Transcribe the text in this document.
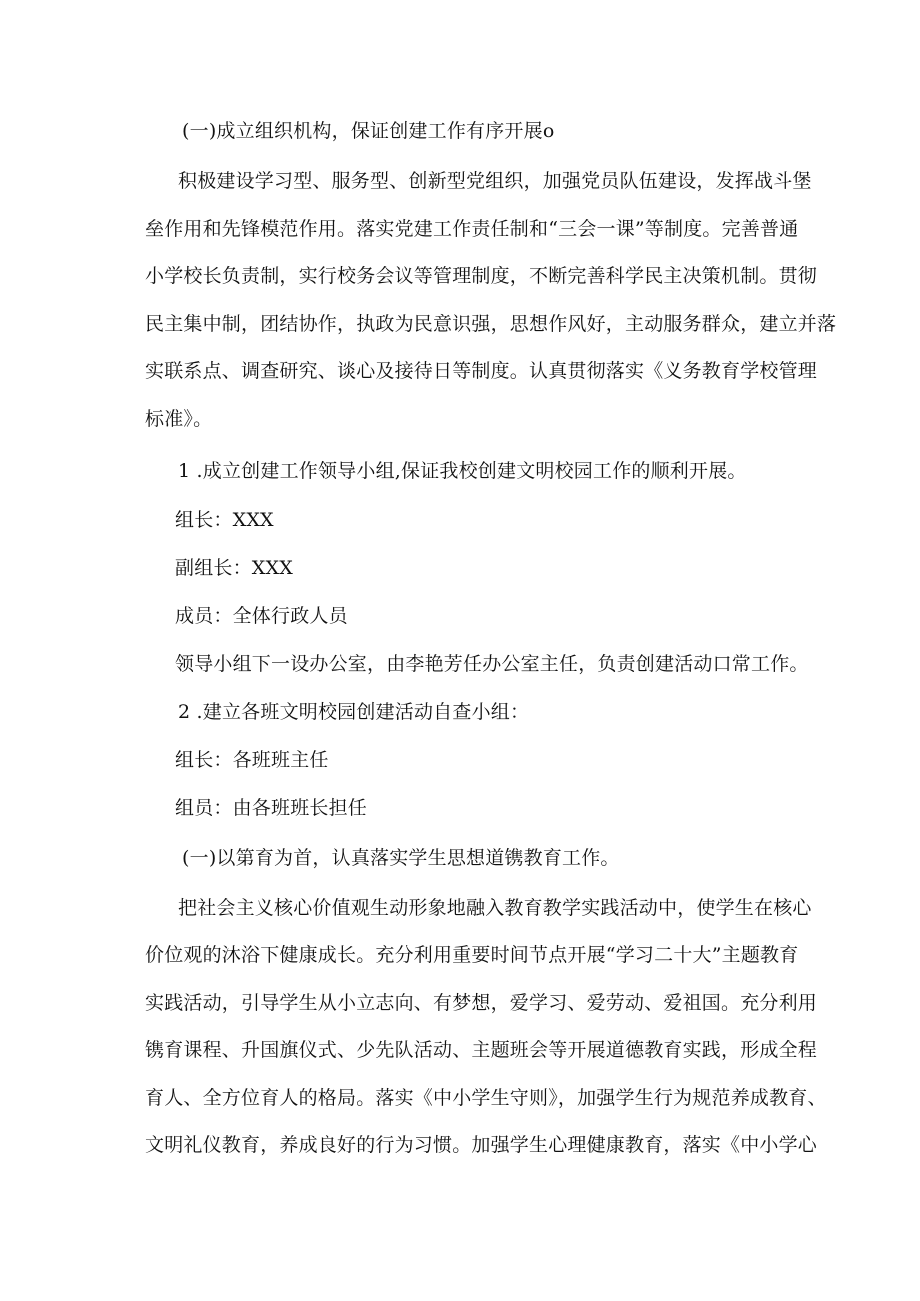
(一)成立组织机构，保证创建工作有序开展o
积极建设学习型、服务型、创新型党组织，加强党员队伍建设，发挥战斗堡
垒作用和先锋模范作用。落实党建工作责任制和“三会一课”等制度。完善普通
小学校长负责制，实行校务会议等管理制度，不断完善科学民主决策机制。贯彻
民主集中制，团结协作，执政为民意识强，思想作风好，主动服务群众，建立并落
实联系点、调查研究、谈心及接待日等制度。认真贯彻落实《义务教育学校管理
标准》。
1 .成立创建工作领导小组,保证我校创建文明校园工作的顺利开展。
组长：XXX
副组长：XXX
成员：全体行政人员
领导小组下一设办公室，由李艳芳任办公室主任，负责创建活动口常工作。
2 .建立各班文明校园创建活动自查小组：
组长：各班班主任
组员：由各班班长担任
(一)以第育为首，认真落实学生思想道镌教育工作。
把社会主义核心价值观生动形象地融入教育教学实践活动中，使学生在核心
价位观的沐浴下健康成长。充分利用重要时间节点开展“学习二十大”主题教育
实践活动，引导学生从小立志向、有梦想，爱学习、爱劳动、爱祖国。充分利用
镌育课程、升国旗仪式、少先队活动、主题班会等开展道德教育实践，形成全程
育人、全方位育人的格局。落实《中小学生守则》，加强学生行为规范养成教育、
文明礼仪教育，养成良好的行为习惯。加强学生心理健康教育，落实《中小学心
